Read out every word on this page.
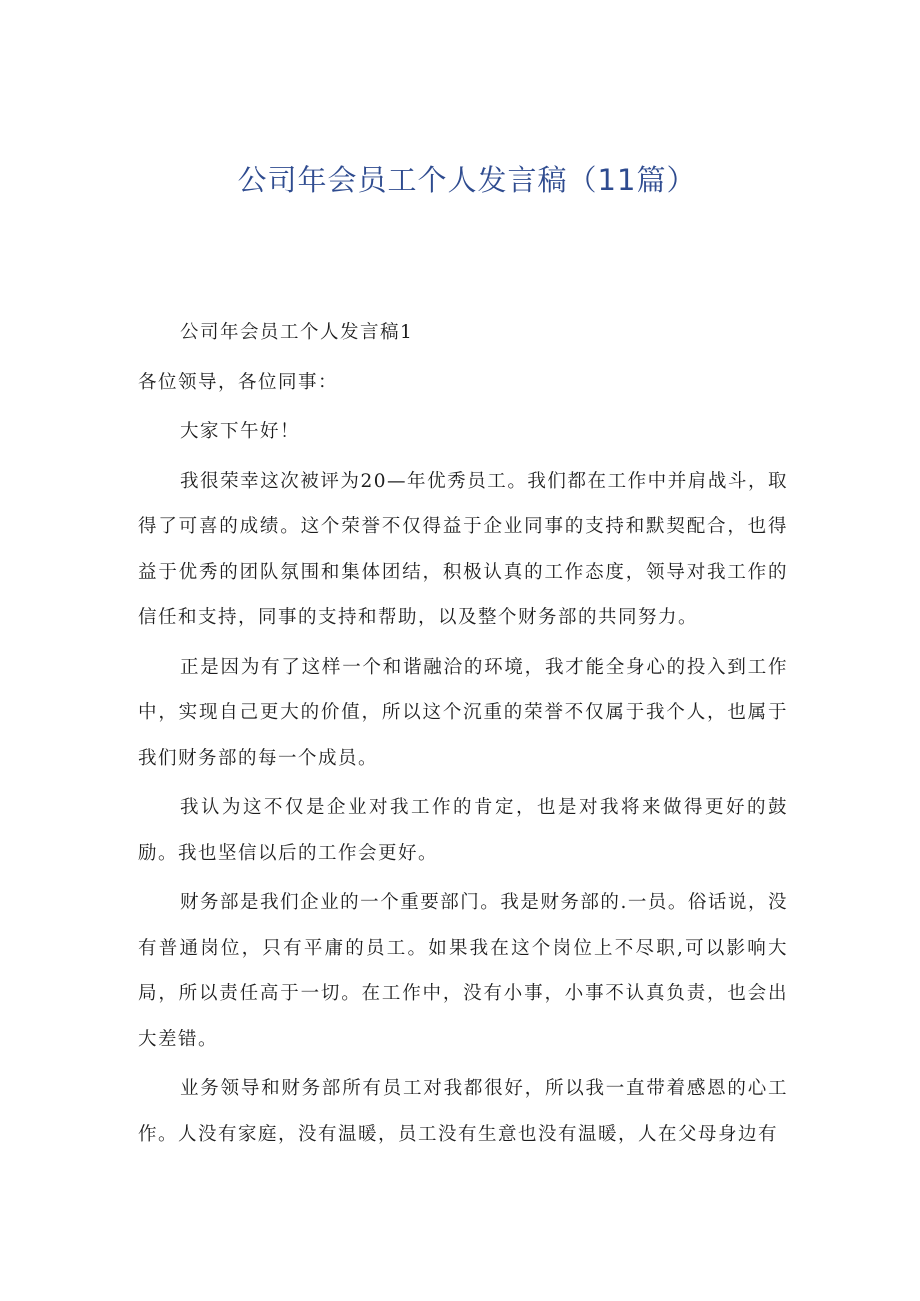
公司年会员工个人发言稿（11篇）

公司年会员工个人发言稿1

各位领导，各位同事：

大家下午好！

我很荣幸这次被评为20—年优秀员工。我们都在工作中并肩战斗，取得了可喜的成绩。这个荣誉不仅得益于企业同事的支持和默契配合，也得益于优秀的团队氛围和集体团结，积极认真的工作态度，领导对我工作的信任和支持，同事的支持和帮助，以及整个财务部的共同努力。

正是因为有了这样一个和谐融洽的环境，我才能全身心的投入到工作中，实现自己更大的价值，所以这个沉重的荣誉不仅属于我个人，也属于我们财务部的每一个成员。

我认为这不仅是企业对我工作的肯定，也是对我将来做得更好的鼓励。我也坚信以后的工作会更好。

财务部是我们企业的一个重要部门。我是财务部的.一员。俗话说，没有普通岗位，只有平庸的员工。如果我在这个岗位上不尽职,可以影响大局，所以责任高于一切。在工作中，没有小事，小事不认真负责，也会出大差错。

业务领导和财务部所有员工对我都很好，所以我一直带着感恩的心工作。人没有家庭，没有温暖，员工没有生意也没有温暖，人在父母身边有
